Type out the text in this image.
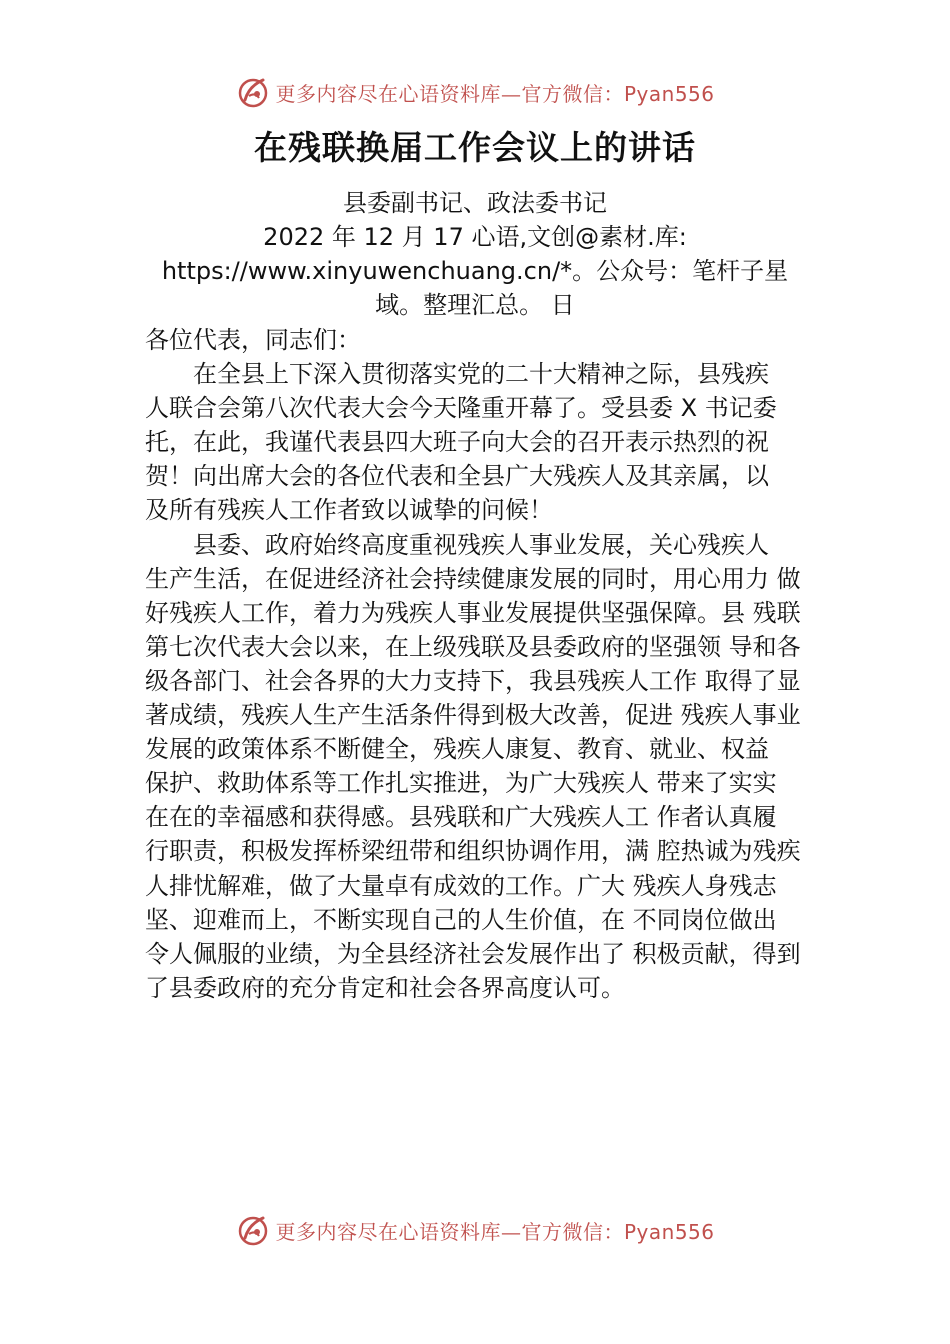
更多内容尽在心语资料库—官方微信：Pyan556
在残联换届工作会议上的讲话
县委副书记、政法委书记
2022 年 12 月 17 心语,文创@素材.库:
https://www.xinyuwenchuang.cn/*。公众号：笔杆子星
域。整理汇总。 日
各位代表，同志们：
　　在全县上下深入贯彻落实党的二十大精神之际，县残疾
人联合会第八次代表大会今天隆重开幕了。受县委 X 书记委
托，在此，我谨代表县四大班子向大会的召开表示热烈的祝
贺！向出席大会的各位代表和全县广大残疾人及其亲属，以
及所有残疾人工作者致以诚挚的问候！
　　县委、政府始终高度重视残疾人事业发展，关心残疾人
生产生活，在促进经济社会持续健康发展的同时，用心用力 做
好残疾人工作，着力为残疾人事业发展提供坚强保障。县 残联
第七次代表大会以来，在上级残联及县委政府的坚强领 导和各
级各部门、社会各界的大力支持下，我县残疾人工作 取得了显
著成绩，残疾人生产生活条件得到极大改善，促进 残疾人事业
发展的政策体系不断健全，残疾人康复、教育、就业、权益
保护、救助体系等工作扎实推进，为广大残疾人 带来了实实
在在的幸福感和获得感。县残联和广大残疾人工 作者认真履
行职责，积极发挥桥梁纽带和组织协调作用，满 腔热诚为残疾
人排忧解难，做了大量卓有成效的工作。广大 残疾人身残志
坚、迎难而上，不断实现自己的人生价值，在 不同岗位做出
令人佩服的业绩，为全县经济社会发展作出了 积极贡献，得到
了县委政府的充分肯定和社会各界高度认可。
更多内容尽在心语资料库—官方微信：Pyan556
